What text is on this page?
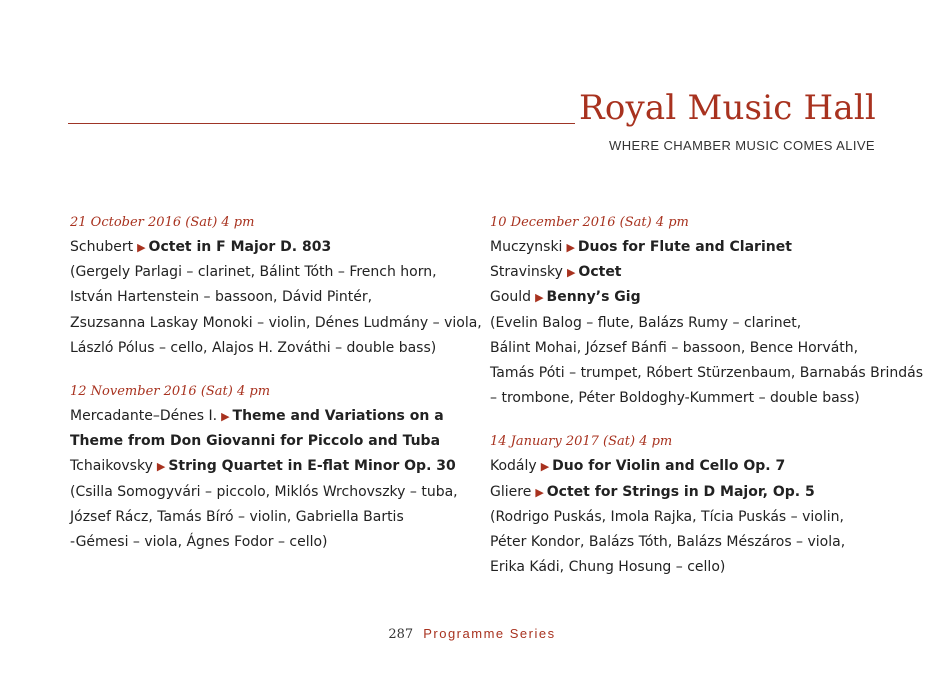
Royal Music Hall
WHERE CHAMBER MUSIC COMES ALIVE
21 October 2016 (Sat) 4 pm
Schubert ▶ Octet in F Major D. 803
(Gergely Parlagi – clarinet, Bálint Tóth – French horn,
István Hartenstein – bassoon, Dávid Pintér,
Zsuzsanna Laskay Monoki – violin, Dénes Ludmány – viola,
László Pólus – cello, Alajos H. Zováthi – double bass)
12 November 2016 (Sat) 4 pm
Mercadante–Dénes I. ▶ Theme and Variations on a
Theme from Don Giovanni for Piccolo and Tuba
Tchaikovsky ▶ String Quartet in E-flat Minor Op. 30
(Csilla Somogyvári – piccolo, Miklós Wrchovszky – tuba,
József Rácz, Tamás Bíró – violin, Gabriella Bartis
-Gémesi – viola, Ágnes Fodor – cello)
10 December 2016 (Sat) 4 pm
Muczynski ▶ Duos for Flute and Clarinet
Stravinsky ▶ Octet
Gould ▶ Benny’s Gig
(Evelin Balog – flute, Balázs Rumy – clarinet,
Bálint Mohai, József Bánfi – bassoon, Bence Horváth,
Tamás Póti – trumpet, Róbert Stürzenbaum, Barnabás Brindás
– trombone, Péter Boldoghy-Kummert – double bass)
14 January 2017 (Sat) 4 pm
Kodály ▶ Duo for Violin and Cello Op. 7
Gliere ▶ Octet for Strings in D Major, Op. 5
(Rodrigo Puskás, Imola Rajka, Tícia Puskás – violin,
Péter Kondor, Balázs Tóth, Balázs Mészáros – viola,
Erika Kádi, Chung Hosung – cello)
287 Programme Series
